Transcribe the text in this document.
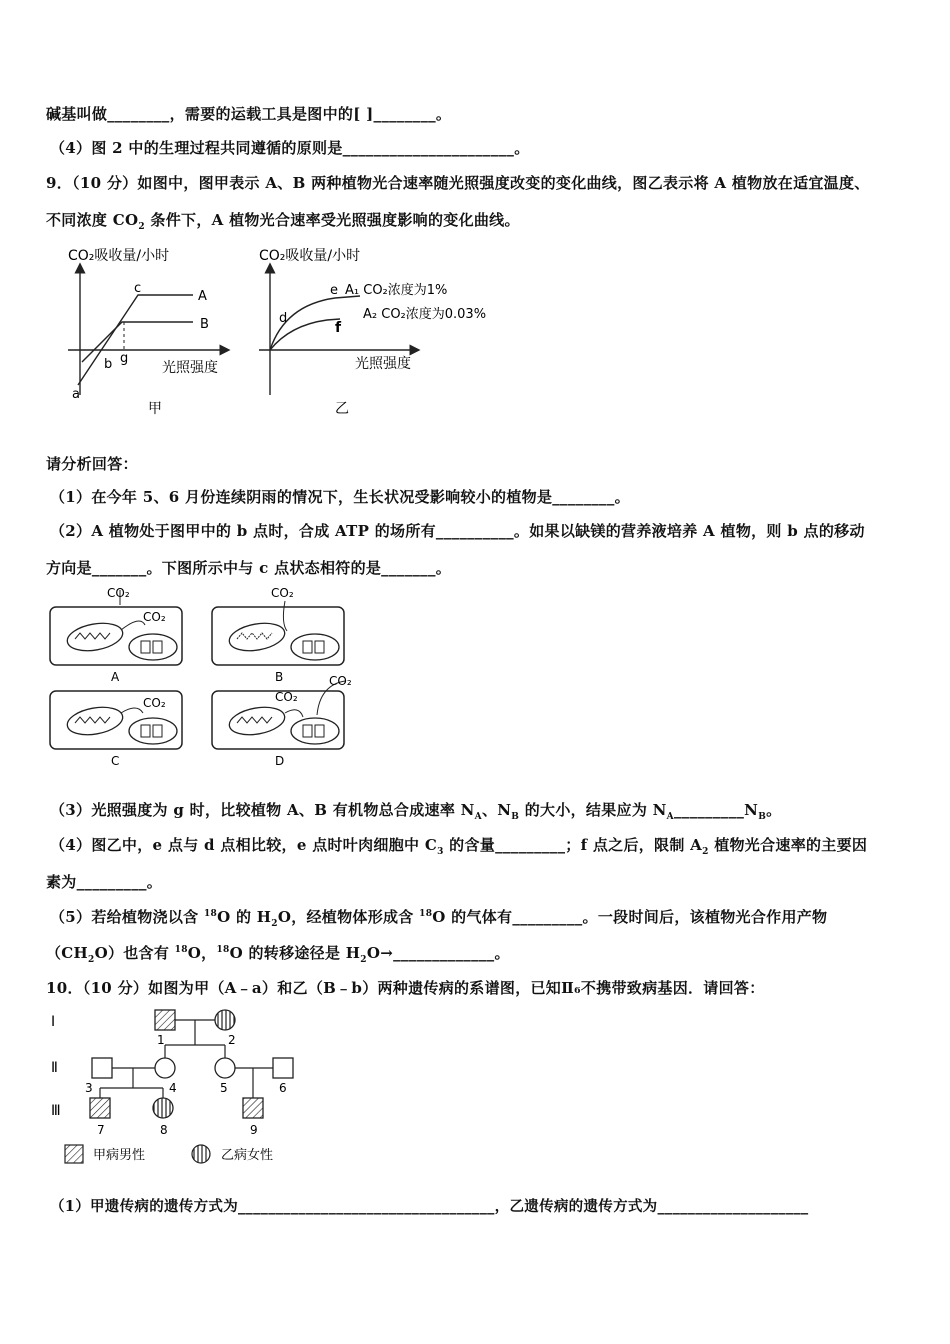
碱基叫做________，需要的运载工具是图中的[ ]________。
（4）图 2 中的生理过程共同遵循的原则是______________________。
9．（10 分）如图中，图甲表示 A、B 两种植物光合速率随光照强度改变的变化曲线，图乙表示将 A 植物放在适宜温度、
不同浓度 $CO_2$ 条件下，A 植物光合速率受光照强度影响的变化曲线。
CO₂吸收量/小时
a
b
c
g
A
B
光照强度
甲
CO₂吸收量/小时
d
e
f
A₁ CO₂浓度为1%
A₂ CO₂浓度为0.03%
光照强度
乙
请分析回答：
（1）在今年 5、6 月份连续阴雨的情况下，生长状况受影响较小的植物是________。
（2）A 植物处于图甲中的 b 点时，合成 ATP 的场所有__________。如果以缺镁的营养液培养 A 植物，则 b 点的移动
方向是_______。下图所示中与 c 点状态相符的是_______。
CO₂
CO₂
A
CO₂
B
CO₂
C
CO₂
CO₂
D
（3）光照强度为 g 时，比较植物 A、B 有机物总合成速率 $N_A$、$N_B$ 的大小，结果应为 $N_A\_\_\_\_\_\_\_\_\_N_B$。
（4）图乙中，e 点与 d 点相比较，e 点时叶肉细胞中 $C_3$ 的含量_________；f 点之后，限制 $A_2$ 植物光合速率的主要因
素为_________。
（5）若给植物浇以含 $^{18}$O 的 $H_2O$，经植物体形成含 $^{18}$O 的气体有_________。一段时间后，该植物光合作用产物
$(CH_2O)$也含有 $^{18}$O，$^{18}$O 的转移途径是 $H_2O\to\_\_\_\_\_\_\_\_\_\_\_\_\_$。
10．（10 分）如图为甲（A﹣a）和乙（B﹣b）两种遗传病的系谱图，已知Ⅱ₆不携带致病基因．请回答：
Ⅰ
Ⅱ
Ⅲ
1	2
3	4	5	6
7	8	9
甲病男性	乙病女性
（1）甲遗传病的遗传方式为__________________________________，乙遗传病的遗传方式为____________________
